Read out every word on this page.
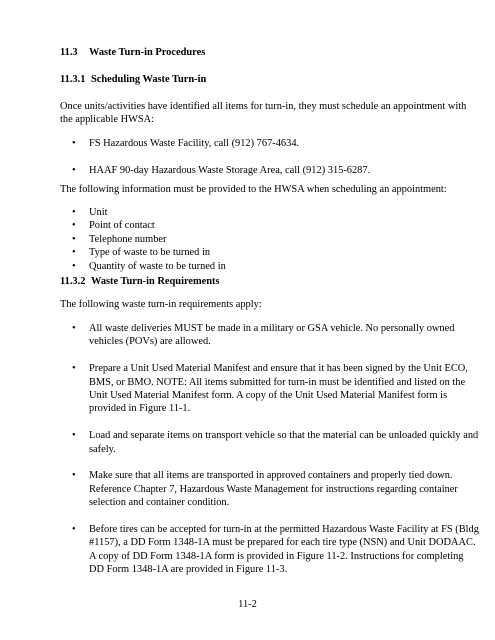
11.3 Waste Turn-in Procedures
11.3.1 Scheduling Waste Turn-in
Once units/activities have identified all items for turn-in, they must schedule an appointment with the applicable HWSA:
• FS Hazardous Waste Facility, call (912) 767-4634.
• HAAF 90-day Hazardous Waste Storage Area, call (912) 315-6287.
The following information must be provided to the HWSA when scheduling an appointment:
• Unit
• Point of contact
• Telephone number
• Type of waste to be turned in
• Quantity of waste to be turned in
11.3.2 Waste Turn-in Requirements
The following waste turn-in requirements apply:
• All waste deliveries MUST be made in a military or GSA vehicle. No personally owned vehicles (POVs) are allowed.
• Prepare a Unit Used Material Manifest and ensure that it has been signed by the Unit ECO, BMS, or BMO. NOTE: All items submitted for turn-in must be identified and listed on the Unit Used Material Manifest form. A copy of the Unit Used Material Manifest form is provided in Figure 11-1.
• Load and separate items on transport vehicle so that the material can be unloaded quickly and safely.
• Make sure that all items are transported in approved containers and properly tied down. Reference Chapter 7, Hazardous Waste Management for instructions regarding container selection and container condition.
• Before tires can be accepted for turn-in at the permitted Hazardous Waste Facility at FS (Bldg #1157), a DD Form 1348-1A must be prepared for each tire type (NSN) and Unit DODAAC. A copy of DD Form 1348-1A form is provided in Figure 11-2. Instructions for completing DD Form 1348-1A are provided in Figure 11-3.
11-2
